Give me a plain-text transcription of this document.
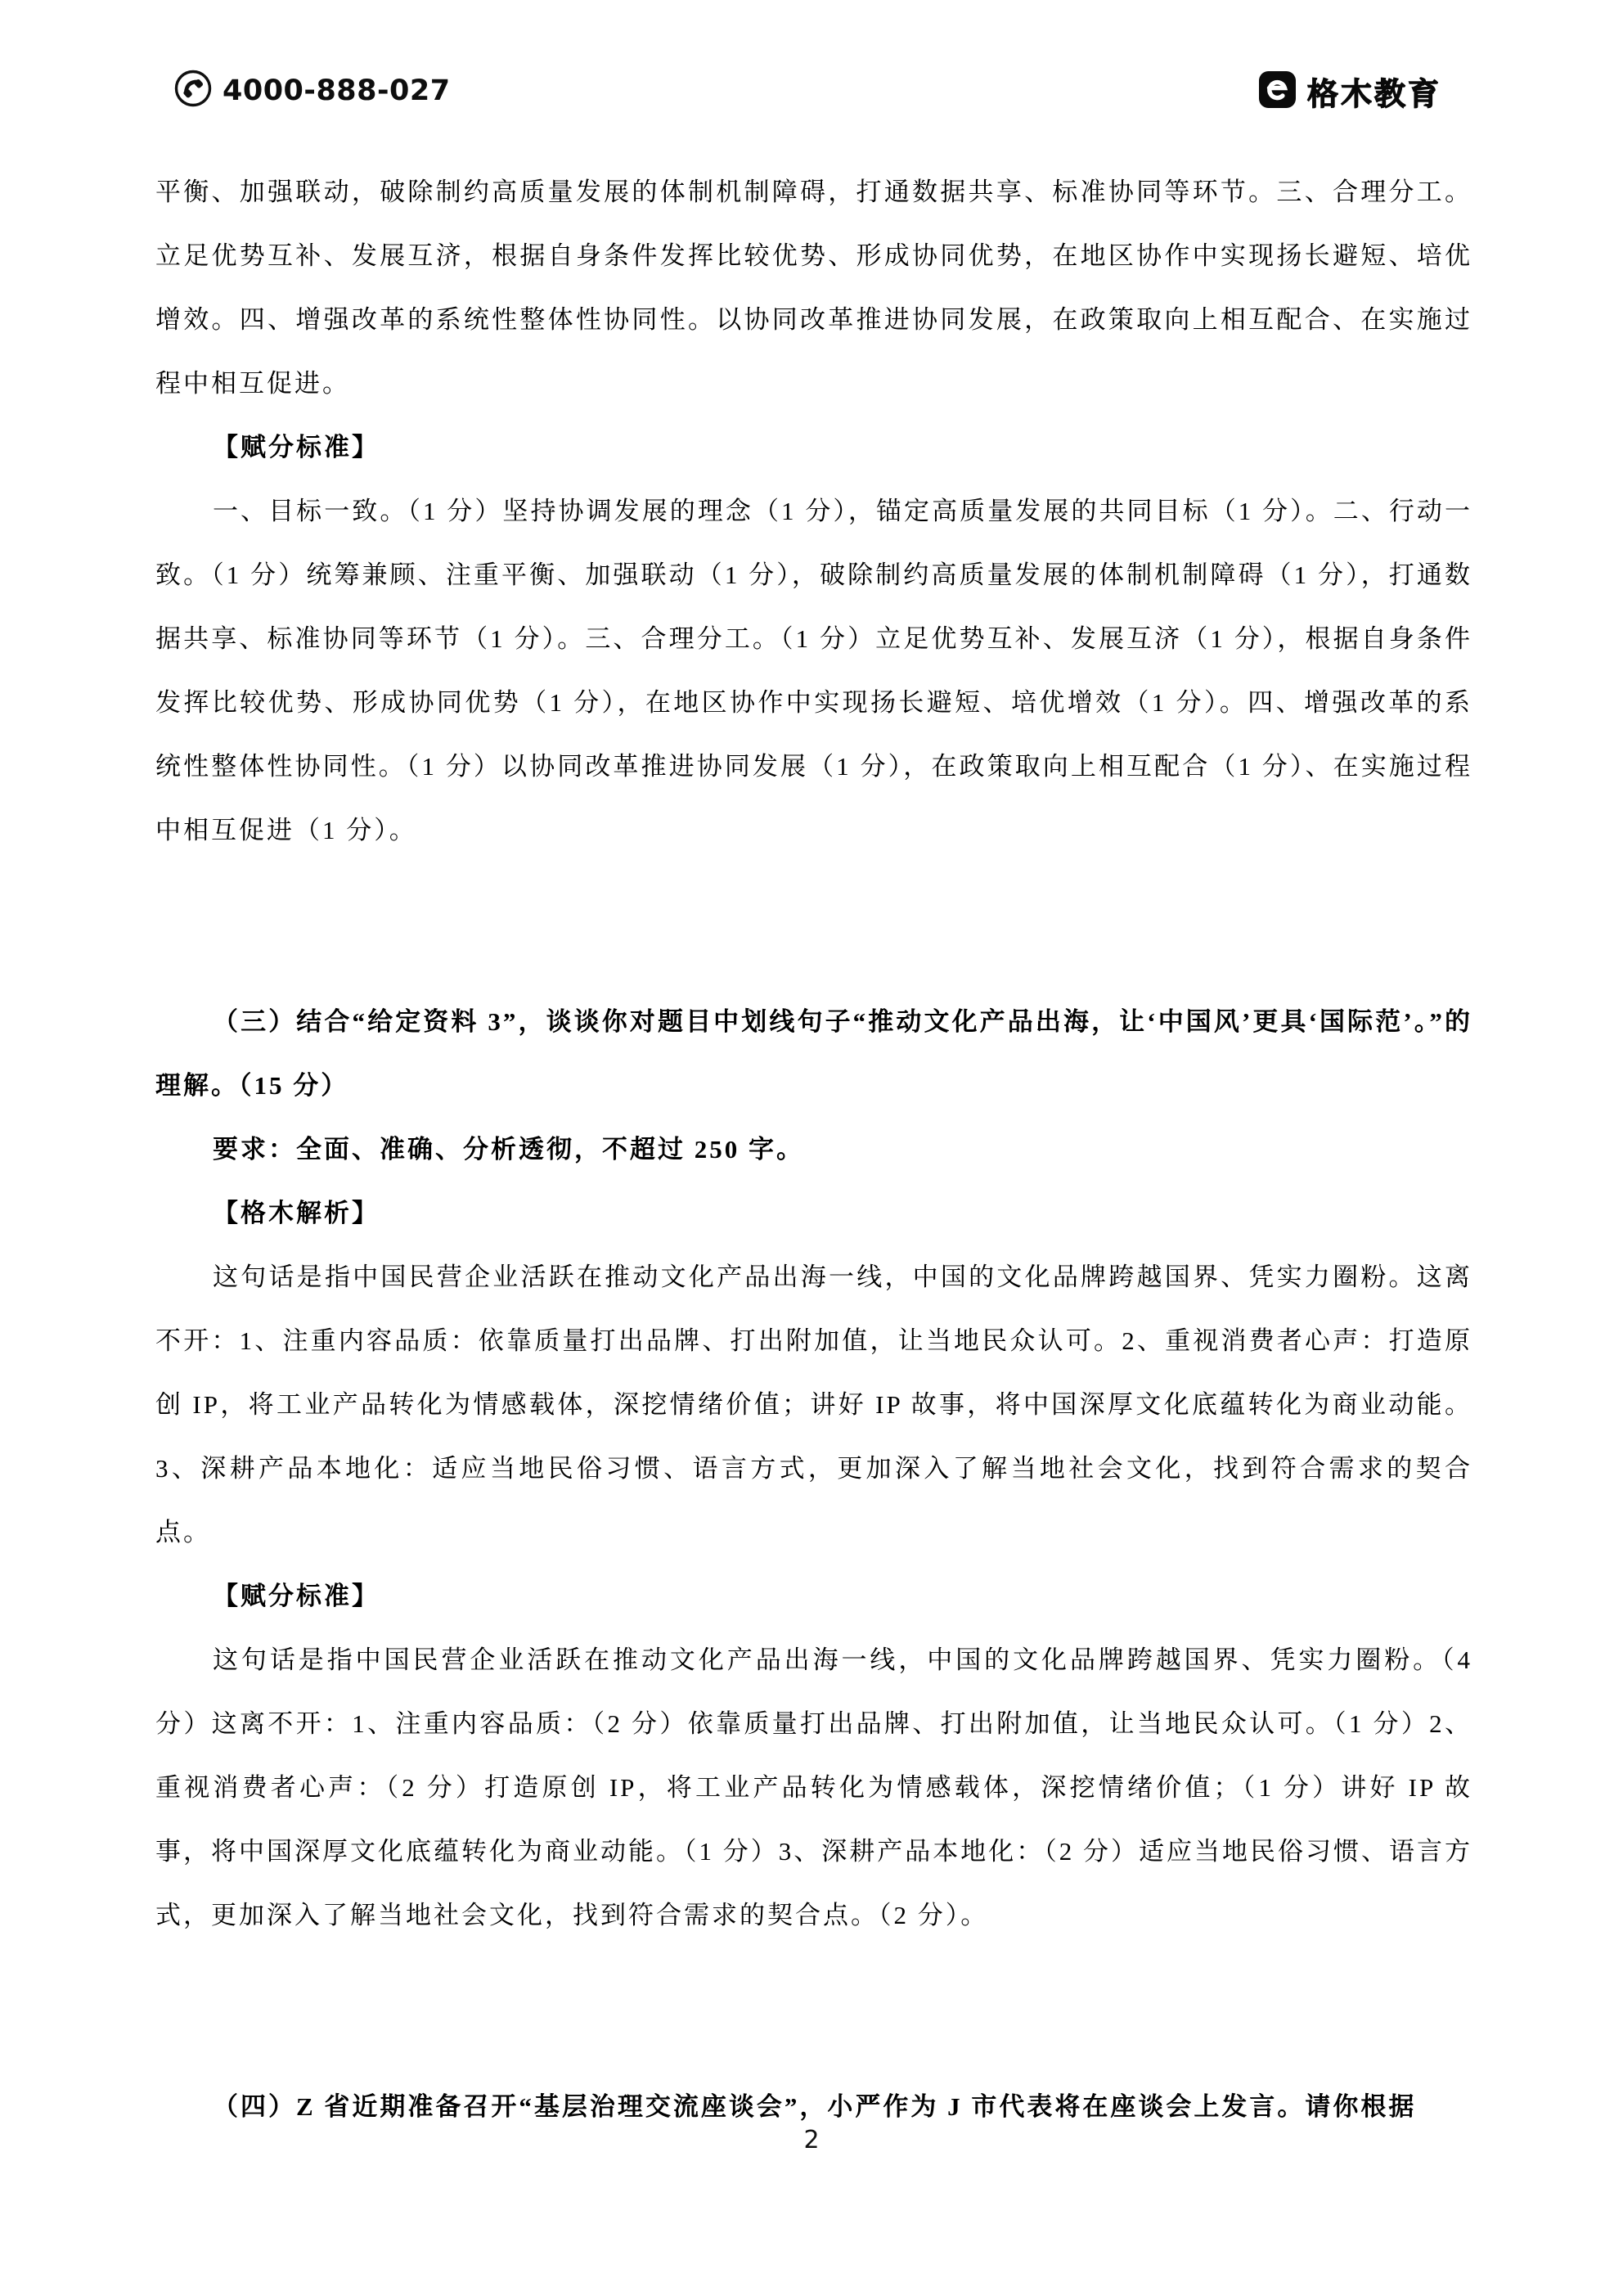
4000-888-027	格木教育

平衡、加强联动，破除制约高质量发展的体制机制障碍，打通数据共享、标准协同等环节。三、合理分工。立足优势互补、发展互济，根据自身条件发挥比较优势、形成协同优势，在地区协作中实现扬长避短、培优增效。四、增强改革的系统性整体性协同性。以协同改革推进协同发展，在政策取向上相互配合、在实施过程中相互促进。

【赋分标准】

一、目标一致。（1 分）坚持协调发展的理念（1 分），锚定高质量发展的共同目标（1 分）。二、行动一致。（1 分）统筹兼顾、注重平衡、加强联动（1 分），破除制约高质量发展的体制机制障碍（1 分），打通数据共享、标准协同等环节（1 分）。三、合理分工。（1 分）立足优势互补、发展互济（1 分），根据自身条件发挥比较优势、形成协同优势（1 分），在地区协作中实现扬长避短、培优增效（1 分）。四、增强改革的系统性整体性协同性。（1 分）以协同改革推进协同发展（1 分），在政策取向上相互配合（1 分）、在实施过程中相互促进（1 分）。

（三）结合“给定资料 3”，谈谈你对题目中划线句子“推动文化产品出海，让‘中国风’更具‘国际范’。”的理解。（15 分）

要求：全面、准确、分析透彻，不超过 250 字。

【格木解析】

这句话是指中国民营企业活跃在推动文化产品出海一线，中国的文化品牌跨越国界、凭实力圈粉。这离不开：1、注重内容品质：依靠质量打出品牌、打出附加值，让当地民众认可。2、重视消费者心声：打造原创 IP，将工业产品转化为情感载体，深挖情绪价值；讲好 IP 故事，将中国深厚文化底蕴转化为商业动能。3、深耕产品本地化：适应当地民俗习惯、语言方式，更加深入了解当地社会文化，找到符合需求的契合点。

【赋分标准】

这句话是指中国民营企业活跃在推动文化产品出海一线，中国的文化品牌跨越国界、凭实力圈粉。（4 分）这离不开：1、注重内容品质：（2 分）依靠质量打出品牌、打出附加值，让当地民众认可。（1 分）2、重视消费者心声：（2 分）打造原创 IP，将工业产品转化为情感载体，深挖情绪价值；（1 分）讲好 IP 故事，将中国深厚文化底蕴转化为商业动能。（1 分）3、深耕产品本地化：（2 分）适应当地民俗习惯、语言方式，更加深入了解当地社会文化，找到符合需求的契合点。（2 分）。

（四）Z 省近期准备召开“基层治理交流座谈会”，小严作为 J 市代表将在座谈会上发言。请你根据

2
